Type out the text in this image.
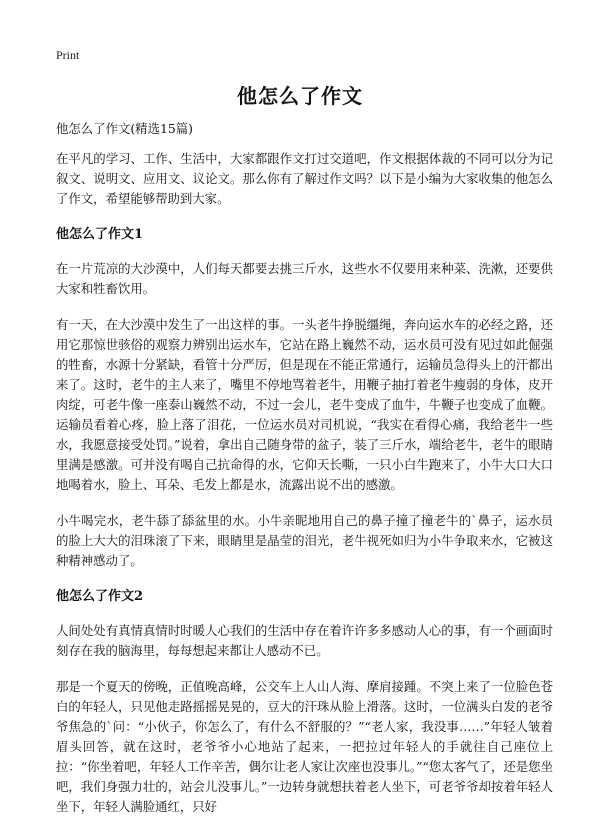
Print
他怎么了作文

他怎么了作文(精选15篇)

在平凡的学习、工作、生活中，大家都跟作文打过交道吧，作文根据体裁的不同可以分为记叙文、说明文、应用文、议论文。那么你有了解过作文吗？以下是小编为大家收集的他怎么了作文，希望能够帮助到大家。

他怎么了作文1

在一片荒凉的大沙漠中，人们每天都要去挑三斤水，这些水不仅要用来种菜、洗漱，还要供大家和牲畜饮用。

有一天，在大沙漠中发生了一出这样的事。一头老牛挣脱缰绳，奔向运水车的必经之路，还用它那惊世骇俗的观察力辨别出运水车，它站在路上巍然不动，运水员可没有见过如此倔强的牲畜，水源十分紧缺，看管十分严厉，但是现在不能正常通行，运输员急得头上的汗都出来了。这时，老牛的主人来了，嘴里不停地骂着老牛，用鞭子抽打着老牛瘦弱的身体，皮开肉绽，可老牛像一座泰山巍然不动，不过一会儿，老牛变成了血牛，牛鞭子也变成了血鞭。运输员看着心疼，脸上落了泪花，一位运水员对司机说，“我实在看得心痛，我给老牛一些水，我愿意接受处罚。”说着，拿出自己随身带的盆子，装了三斤水，端给老牛，老牛的眼睛里满是感激。可并没有喝自己抗命得的水，它仰天长嘶，一只小白牛跑来了，小牛大口大口地喝着水，脸上、耳朵、毛发上都是水，流露出说不出的感激。

小牛喝完水，老牛舔了舔盆里的水。小牛亲昵地用自己的鼻子撞了撞老牛的`鼻子，运水员的脸上大大的泪珠滚了下来，眼睛里是晶莹的泪光，老牛视死如归为小牛争取来水，它被这种精神感动了。

他怎么了作文2

人间处处有真情真情时时暖人心我们的生活中存在着许许多多感动人心的事，有一个画面时刻存在我的脑海里，每每想起来都让人感动不已。

那是一个夏天的傍晚，正值晚高峰，公交车上人山人海、摩肩接踵。不突上来了一位脸色苍白的年轻人，只见他走路摇摇晃晃的，豆大的汗珠从脸上滑落。这时，一位满头白发的老爷爷焦急的`问：“小伙子，你怎么了，有什么不舒服的？”“老人家，我没事……”年轻人皱着眉头回答，就在这时，老爷爷小心地站了起来，一把拉过年轻人的手就往自己座位上拉：“你坐着吧，年轻人工作辛苦，偶尔让老人家让次座也没事儿。”“您太客气了，还是您坐吧，我们身强力壮的，站会儿没事儿。”一边转身就想扶着老人坐下，可老爷爷却按着年轻人坐下，年轻人满脸通红，只好
